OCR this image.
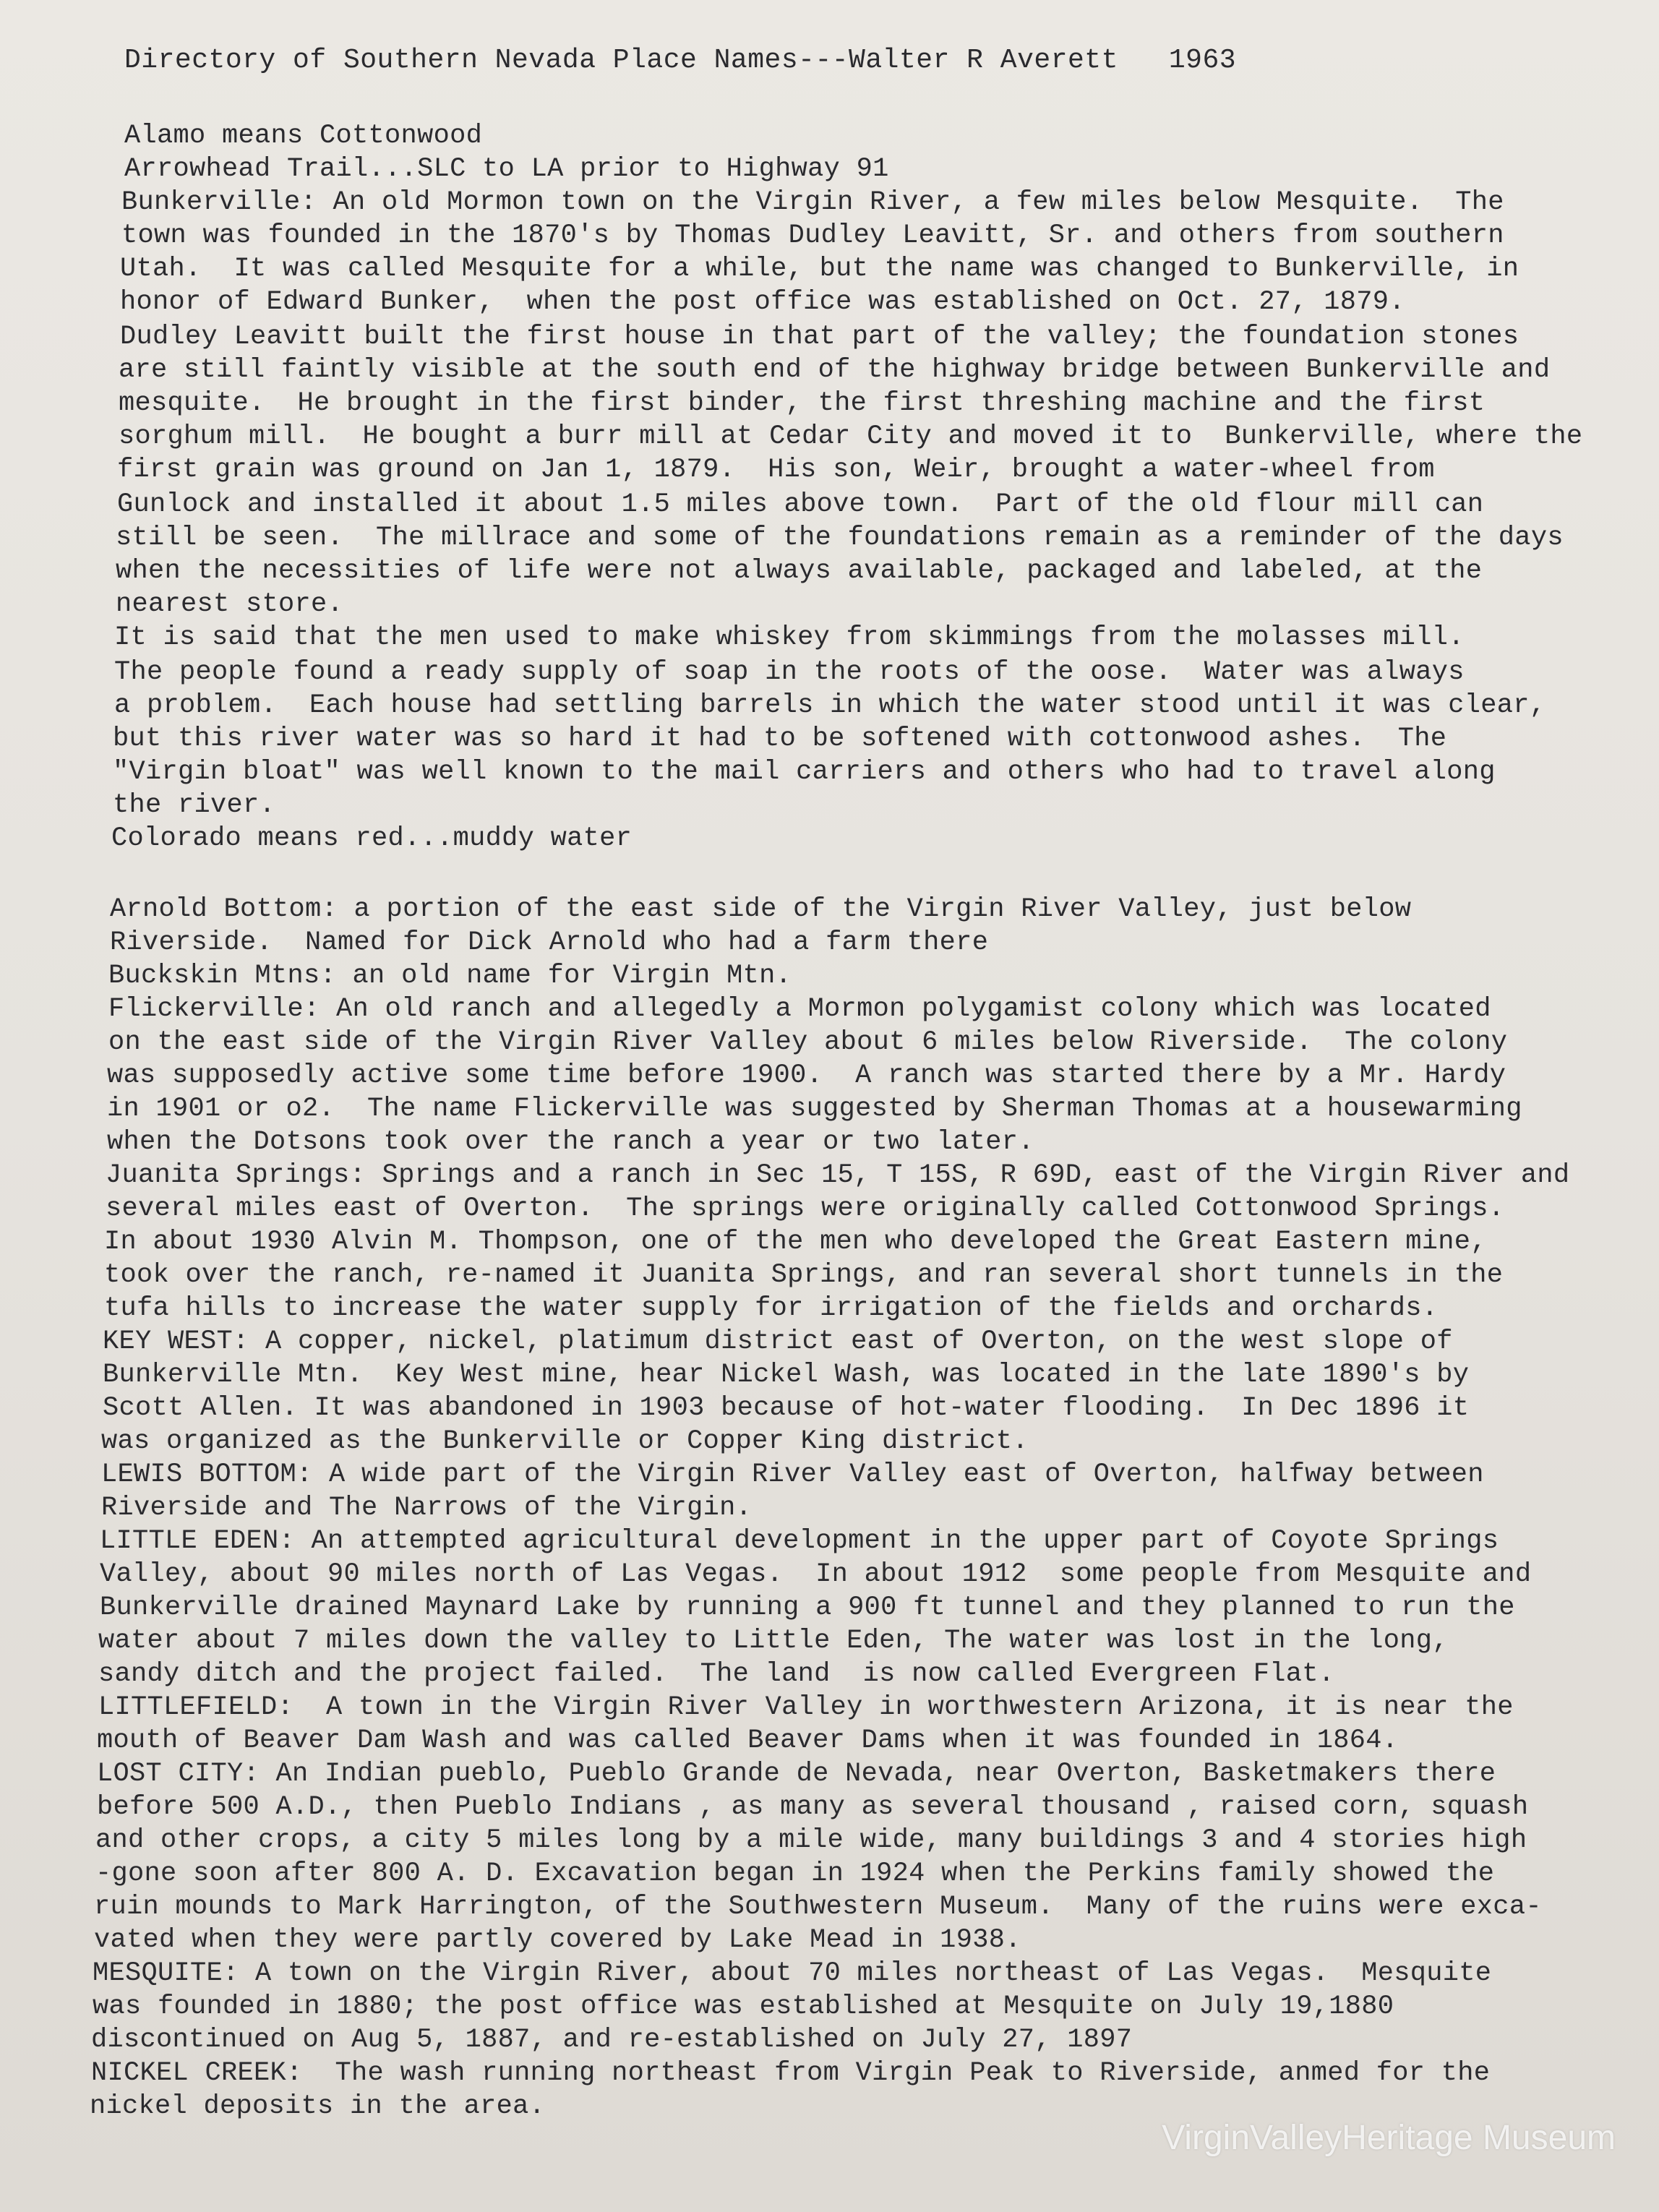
Directory of Southern Nevada Place Names---Walter R Averett   1963
Alamo means Cottonwood
Arrowhead Trail...SLC to LA prior to Highway 91
Bunkerville: An old Mormon town on the Virgin River, a few miles below Mesquite.  The
town was founded in the 1870's by Thomas Dudley Leavitt, Sr. and others from southern
Utah.  It was called Mesquite for a while, but the name was changed to Bunkerville, in
honor of Edward Bunker,  when the post office was established on Oct. 27, 1879.
Dudley Leavitt built the first house in that part of the valley; the foundation stones
are still faintly visible at the south end of the highway bridge between Bunkerville and
mesquite.  He brought in the first binder, the first threshing machine and the first
sorghum mill.  He bought a burr mill at Cedar City and moved it to  Bunkerville, where the
first grain was ground on Jan 1, 1879.  His son, Weir, brought a water-wheel from
Gunlock and installed it about 1.5 miles above town.  Part of the old flour mill can
still be seen.  The millrace and some of the foundations remain as a reminder of the days
when the necessities of life were not always available, packaged and labeled, at the
nearest store.
It is said that the men used to make whiskey from skimmings from the molasses mill.
The people found a ready supply of soap in the roots of the oose.  Water was always
a problem.  Each house had settling barrels in which the water stood until it was clear,
but this river water was so hard it had to be softened with cottonwood ashes.  The
"Virgin bloat" was well known to the mail carriers and others who had to travel along
the river.
Colorado means red...muddy water
Arnold Bottom: a portion of the east side of the Virgin River Valley, just below
Riverside.  Named for Dick Arnold who had a farm there
Buckskin Mtns: an old name for Virgin Mtn.
Flickerville: An old ranch and allegedly a Mormon polygamist colony which was located
on the east side of the Virgin River Valley about 6 miles below Riverside.  The colony
was supposedly active some time before 1900.  A ranch was started there by a Mr. Hardy
in 1901 or o2.  The name Flickerville was suggested by Sherman Thomas at a housewarming
when the Dotsons took over the ranch a year or two later.
Juanita Springs: Springs and a ranch in Sec 15, T 15S, R 69D, east of the Virgin River and
several miles east of Overton.  The springs were originally called Cottonwood Springs.
In about 1930 Alvin M. Thompson, one of the men who developed the Great Eastern mine,
took over the ranch, re-named it Juanita Springs, and ran several short tunnels in the
tufa hills to increase the water supply for irrigation of the fields and orchards.
KEY WEST: A copper, nickel, platimum district east of Overton, on the west slope of
Bunkerville Mtn.  Key West mine, hear Nickel Wash, was located in the late 1890's by
Scott Allen. It was abandoned in 1903 because of hot-water flooding.  In Dec 1896 it
was organized as the Bunkerville or Copper King district.
LEWIS BOTTOM: A wide part of the Virgin River Valley east of Overton, halfway between
Riverside and The Narrows of the Virgin.
LITTLE EDEN: An attempted agricultural development in the upper part of Coyote Springs
Valley, about 90 miles north of Las Vegas.  In about 1912  some people from Mesquite and
Bunkerville drained Maynard Lake by running a 900 ft tunnel and they planned to run the
water about 7 miles down the valley to Little Eden, The water was lost in the long,
sandy ditch and the project failed.  The land  is now called Evergreen Flat.
LITTLEFIELD:  A town in the Virgin River Valley in worthwestern Arizona, it is near the
mouth of Beaver Dam Wash and was called Beaver Dams when it was founded in 1864.
LOST CITY: An Indian pueblo, Pueblo Grande de Nevada, near Overton, Basketmakers there
before 500 A.D., then Pueblo Indians , as many as several thousand , raised corn, squash
and other crops, a city 5 miles long by a mile wide, many buildings 3 and 4 stories high
-gone soon after 800 A. D. Excavation began in 1924 when the Perkins family showed the
ruin mounds to Mark Harrington, of the Southwestern Museum.  Many of the ruins were exca-
vated when they were partly covered by Lake Mead in 1938.
MESQUITE: A town on the Virgin River, about 70 miles northeast of Las Vegas.  Mesquite
was founded in 1880; the post office was established at Mesquite on July 19,1880
discontinued on Aug 5, 1887, and re-established on July 27, 1897
NICKEL CREEK:  The wash running northeast from Virgin Peak to Riverside, anmed for the
nickel deposits in the area.
VirginValleyHeritage Museum
